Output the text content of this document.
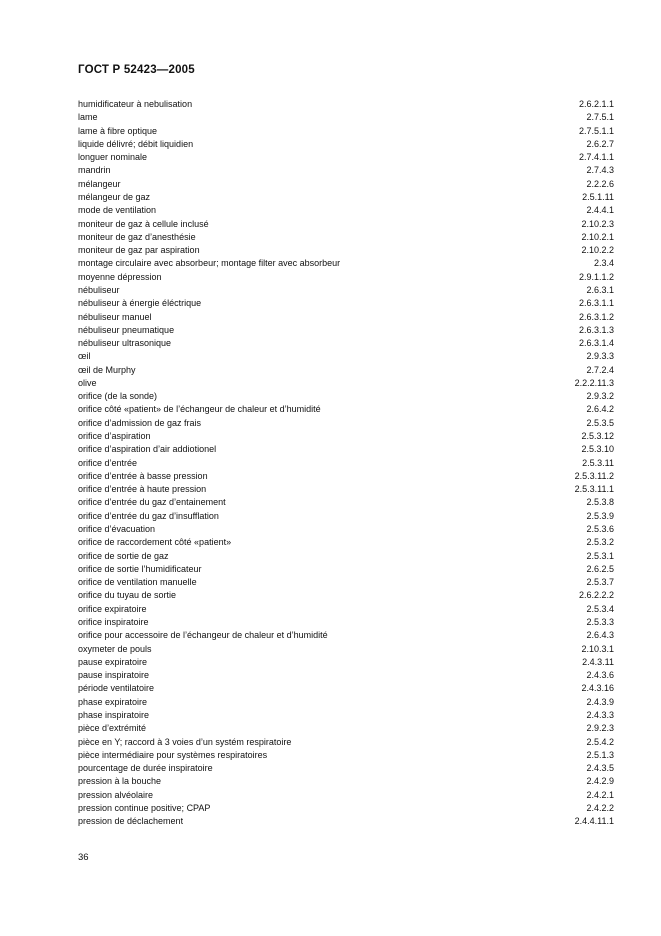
ГОСТ Р 52423—2005
humidificateur à nebulisation	2.6.2.1.1
lame	2.7.5.1
lame à fibre optique	2.7.5.1.1
liquide délivré; débit liquidien	2.6.2.7
longuer nominale	2.7.4.1.1
mandrin	2.7.4.3
mélangeur	2.2.2.6
mélangeur de gaz	2.5.1.11
mode de ventilation	2.4.4.1
moniteur de gaz à cellule inclusé	2.10.2.3
moniteur de gaz d’anesthésie	2.10.2.1
moniteur de gaz par aspiration	2.10.2.2
montage circulaire avec absorbeur; montage filter avec absorbeur	2.3.4
moyenne dépression	2.9.1.1.2
nébuliseur	2.6.3.1
nébuliseur à énergie éléctrique	2.6.3.1.1
nébuliseur manuel	2.6.3.1.2
nébuliseur pneumatique	2.6.3.1.3
nébuliseur ultrasonique	2.6.3.1.4
œil	2.9.3.3
œil de Murphy	2.7.2.4
olive	2.2.2.11.3
orifice (de la sonde)	2.9.3.2
orifice côté «patient» de l’échangeur de chaleur et d’humidité	2.6.4.2
orifice d’admission de gaz frais	2.5.3.5
orifice d’aspiration	2.5.3.12
orifice d’aspiration d’air addiotionel	2.5.3.10
orifice d’entrée	2.5.3.11
orifice d’entrée à basse pression	2.5.3.11.2
orifice d’entrée à haute pression	2.5.3.11.1
orifice d’entrée du gaz d’entainement	2.5.3.8
orifice d’entrée du gaz d’insufflation	2.5.3.9
orifice d’évacuation	2.5.3.6
orifice de raccordement côté «patient»	2.5.3.2
orifice de sortie de gaz	2.5.3.1
orifice de sortie l’humidificateur	2.6.2.5
orifice de ventilation manuelle	2.5.3.7
orifice du tuyau de sortie	2.6.2.2.2
orifice expiratoire	2.5.3.4
orifice inspiratoire	2.5.3.3
orifice pour accessoire de l’échangeur de chaleur et d’humidité	2.6.4.3
oxymeter de pouls	2.10.3.1
pause expiratoire	2.4.3.11
pause inspiratoire	2.4.3.6
période ventilatoire	2.4.3.16
phase expiratoire	2.4.3.9
phase inspiratoire	2.4.3.3
pièce d’extrémité	2.9.2.3
pièce en Y; raccord à 3 voies d’un systém respiratoire	2.5.4.2
pièce intermédiaire pour systèmes respiratoires	2.5.1.3
pourcentage de durée inspiratoire	2.4.3.5
pression à la bouche	2.4.2.9
pression alvéolaire	2.4.2.1
pression continue positive; CPAP	2.4.2.2
pression de déclachement	2.4.4.11.1
36
